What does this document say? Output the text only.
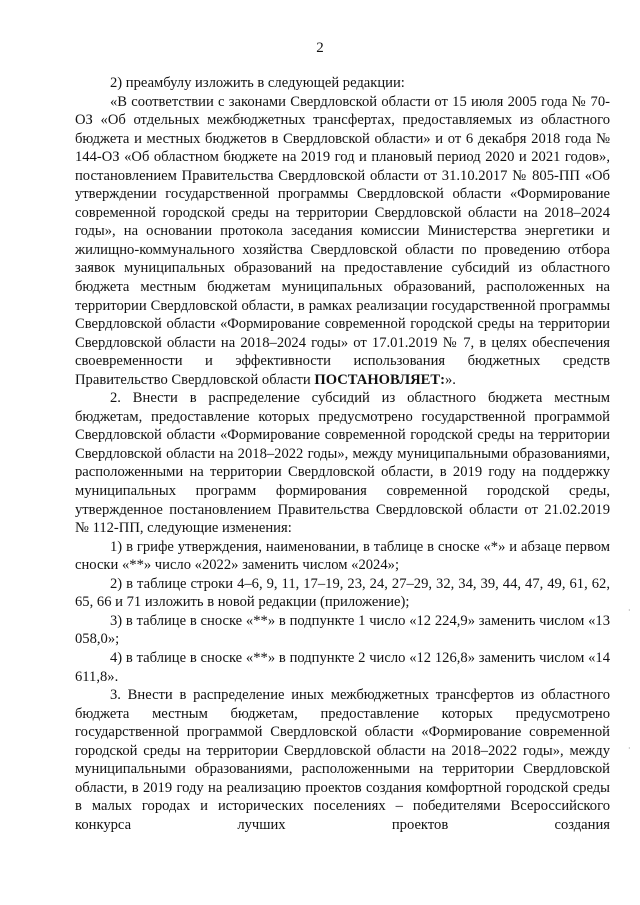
2

2) преамбулу изложить в следующей редакции:

«В соответствии с законами Свердловской области от 15 июля 2005 года № 70-ОЗ «Об отдельных межбюджетных трансфертах, предоставляемых из областного бюджета и местных бюджетов в Свердловской области» и от 6 декабря 2018 года № 144-ОЗ «Об областном бюджете на 2019 год и плановый период 2020 и 2021 годов», постановлением Правительства Свердловской области от 31.10.2017 № 805-ПП «Об утверждении государственной программы Свердловской области «Формирование современной городской среды на территории Свердловской области на 2018–2024 годы», на основании протокола заседания комиссии Министерства энергетики и жилищно-коммунального хозяйства Свердловской области по проведению отбора заявок муниципальных образований на предоставление субсидий из областного бюджета местным бюджетам муниципальных образований, расположенных на территории Свердловской области, в рамках реализации государственной программы Свердловской области «Формирование современной городской среды на территории Свердловской области на 2018–2024 годы» от 17.01.2019 № 7, в целях обеспечения своевременности и эффективности использования бюджетных средств Правительство Свердловской области ПОСТАНОВЛЯЕТ:».

2. Внести в распределение субсидий из областного бюджета местным бюджетам, предоставление которых предусмотрено государственной программой Свердловской области «Формирование современной городской среды на территории Свердловской области на 2018–2022 годы», между муниципальными образованиями, расположенными на территории Свердловской области, в 2019 году на поддержку муниципальных программ формирования современной городской среды, утвержденное постановлением Правительства Свердловской области от 21.02.2019 № 112-ПП, следующие изменения:

1) в грифе утверждения, наименовании, в таблице в сноске «*» и абзаце первом сноски «**» число «2022» заменить числом «2024»;

2) в таблице строки 4–6, 9, 11, 17–19, 23, 24, 27–29, 32, 34, 39, 44, 47, 49, 61, 62, 65, 66 и 71 изложить в новой редакции (приложение);

3) в таблице в сноске «**» в подпункте 1 число «12 224,9» заменить числом «13 058,0»;

4) в таблице в сноске «**» в подпункте 2 число «12 126,8» заменить числом «14 611,8».

3. Внести в распределение иных межбюджетных трансфертов из областного бюджета местным бюджетам, предоставление которых предусмотрено государственной программой Свердловской области «Формирование современной городской среды на территории Свердловской области на 2018–2022 годы», между муниципальными образованиями, расположенными на территории Свердловской области, в 2019 году на реализацию проектов создания комфортной городской среды в малых городах и исторических поселениях – победителями Всероссийского конкурса лучших проектов создания

·
·
